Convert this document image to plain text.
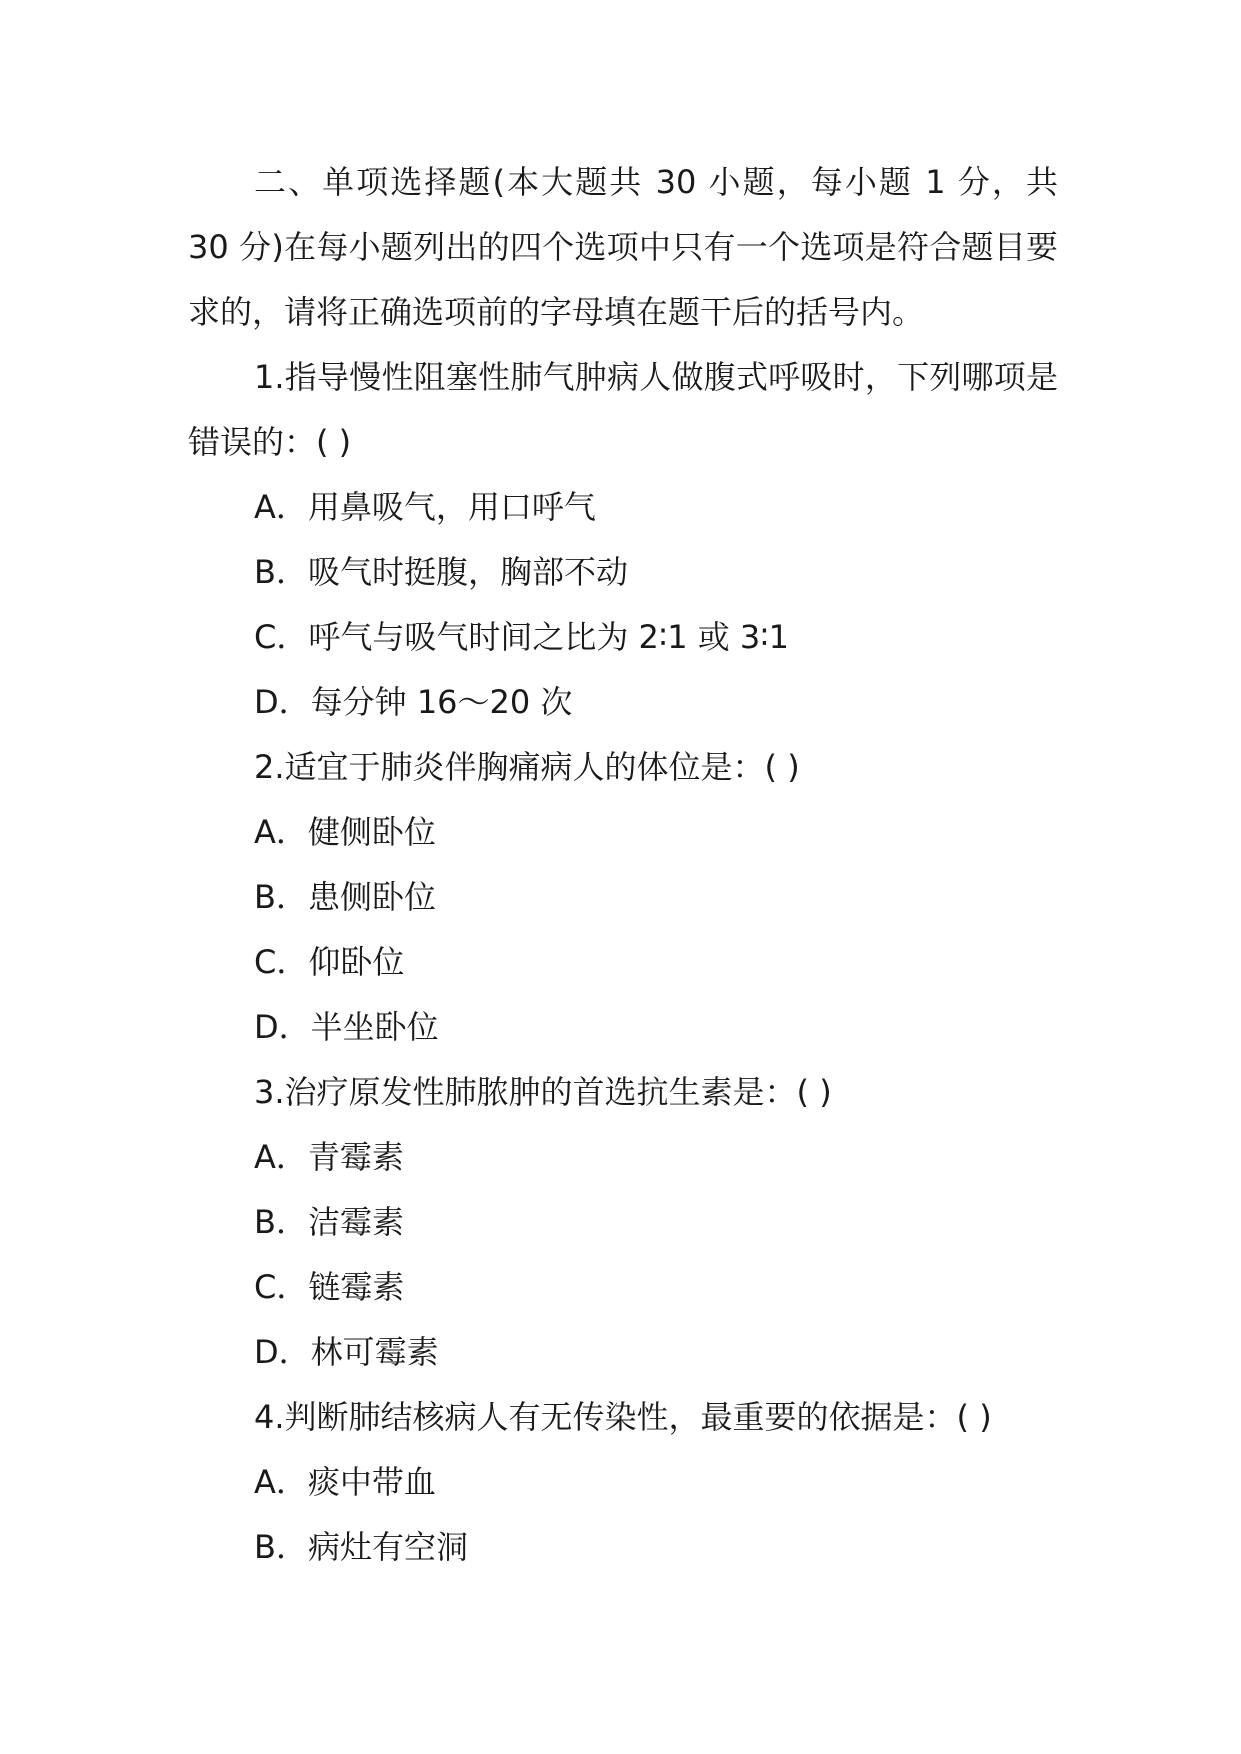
二、单项选择题(本大题共 30 小题，每小题 1 分，共 30 分)在每小题列出的四个选项中只有一个选项是符合题目要求的，请将正确选项前的字母填在题干后的括号内。

1.指导慢性阻塞性肺气肿病人做腹式呼吸时，下列哪项是错误的：( )

A．用鼻吸气，用口呼气
B．吸气时挺腹，胸部不动
C．呼气与吸气时间之比为 2∶1 或 3∶1
D．每分钟 16～20 次
2.适宜于肺炎伴胸痛病人的体位是：( )
A．健侧卧位
B．患侧卧位
C．仰卧位
D．半坐卧位
3.治疗原发性肺脓肿的首选抗生素是：( )
A．青霉素
B．洁霉素
C．链霉素
D．林可霉素
4.判断肺结核病人有无传染性，最重要的依据是：( )
A．痰中带血
B．病灶有空洞
